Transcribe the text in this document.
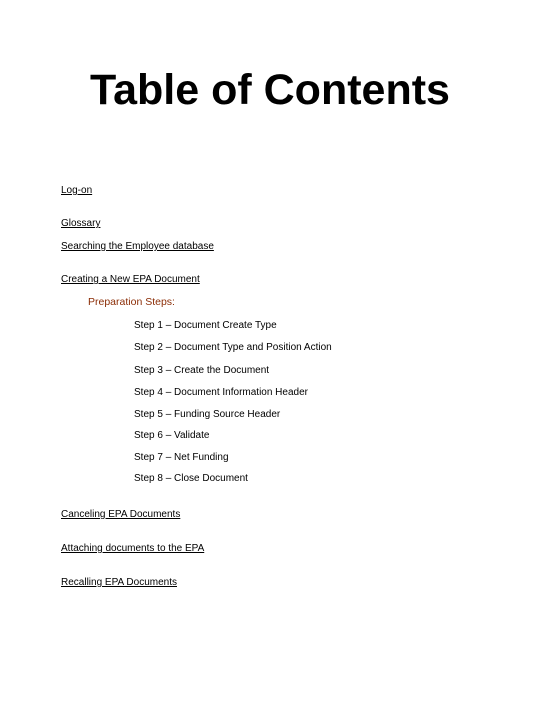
Table of Contents
Log-on
Glossary
Searching the Employee database
Creating a New EPA Document
Preparation Steps:
Step 1 – Document Create Type
Step 2 – Document Type and Position Action
Step 3 – Create the Document
Step 4 – Document Information Header
Step 5 – Funding Source Header
Step 6 – Validate
Step 7 – Net Funding
Step 8 – Close Document
Canceling EPA Documents
Attaching documents to the EPA
Recalling EPA Documents
